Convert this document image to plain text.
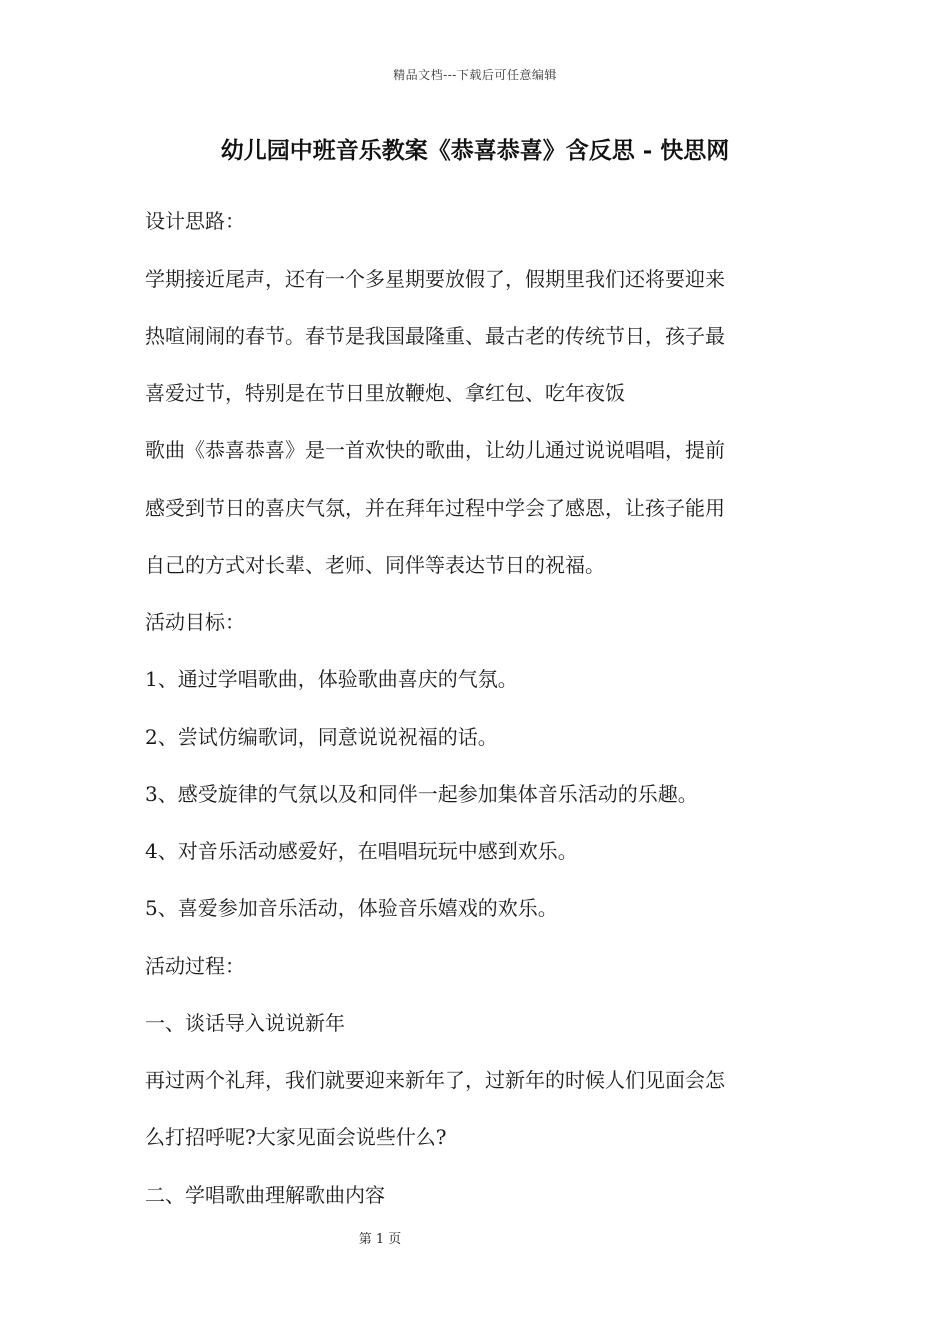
精品文档---下载后可任意编辑
幼儿园中班音乐教案《恭喜恭喜》含反思 - 快思网

设计思路：

学期接近尾声，还有一个多星期要放假了，假期里我们还将要迎来

热喧闹闹的春节。春节是我国最隆重、最古老的传统节日，孩子最

喜爱过节，特别是在节日里放鞭炮、拿红包、吃年夜饭

歌曲《恭喜恭喜》是一首欢快的歌曲，让幼儿通过说说唱唱，提前

感受到节日的喜庆气氛，并在拜年过程中学会了感恩，让孩子能用

自己的方式对长辈、老师、同伴等表达节日的祝福。

活动目标：

1、通过学唱歌曲，体验歌曲喜庆的气氛。

2、尝试仿编歌词，同意说说祝福的话。

3、感受旋律的气氛以及和同伴一起参加集体音乐活动的乐趣。

4、对音乐活动感爱好，在唱唱玩玩中感到欢乐。

5、喜爱参加音乐活动，体验音乐嬉戏的欢乐。

活动过程：

一、谈话导入说说新年

再过两个礼拜，我们就要迎来新年了，过新年的时候人们见面会怎

么打招呼呢?大家见面会说些什么?

二、学唱歌曲理解歌曲内容

第 1 页
